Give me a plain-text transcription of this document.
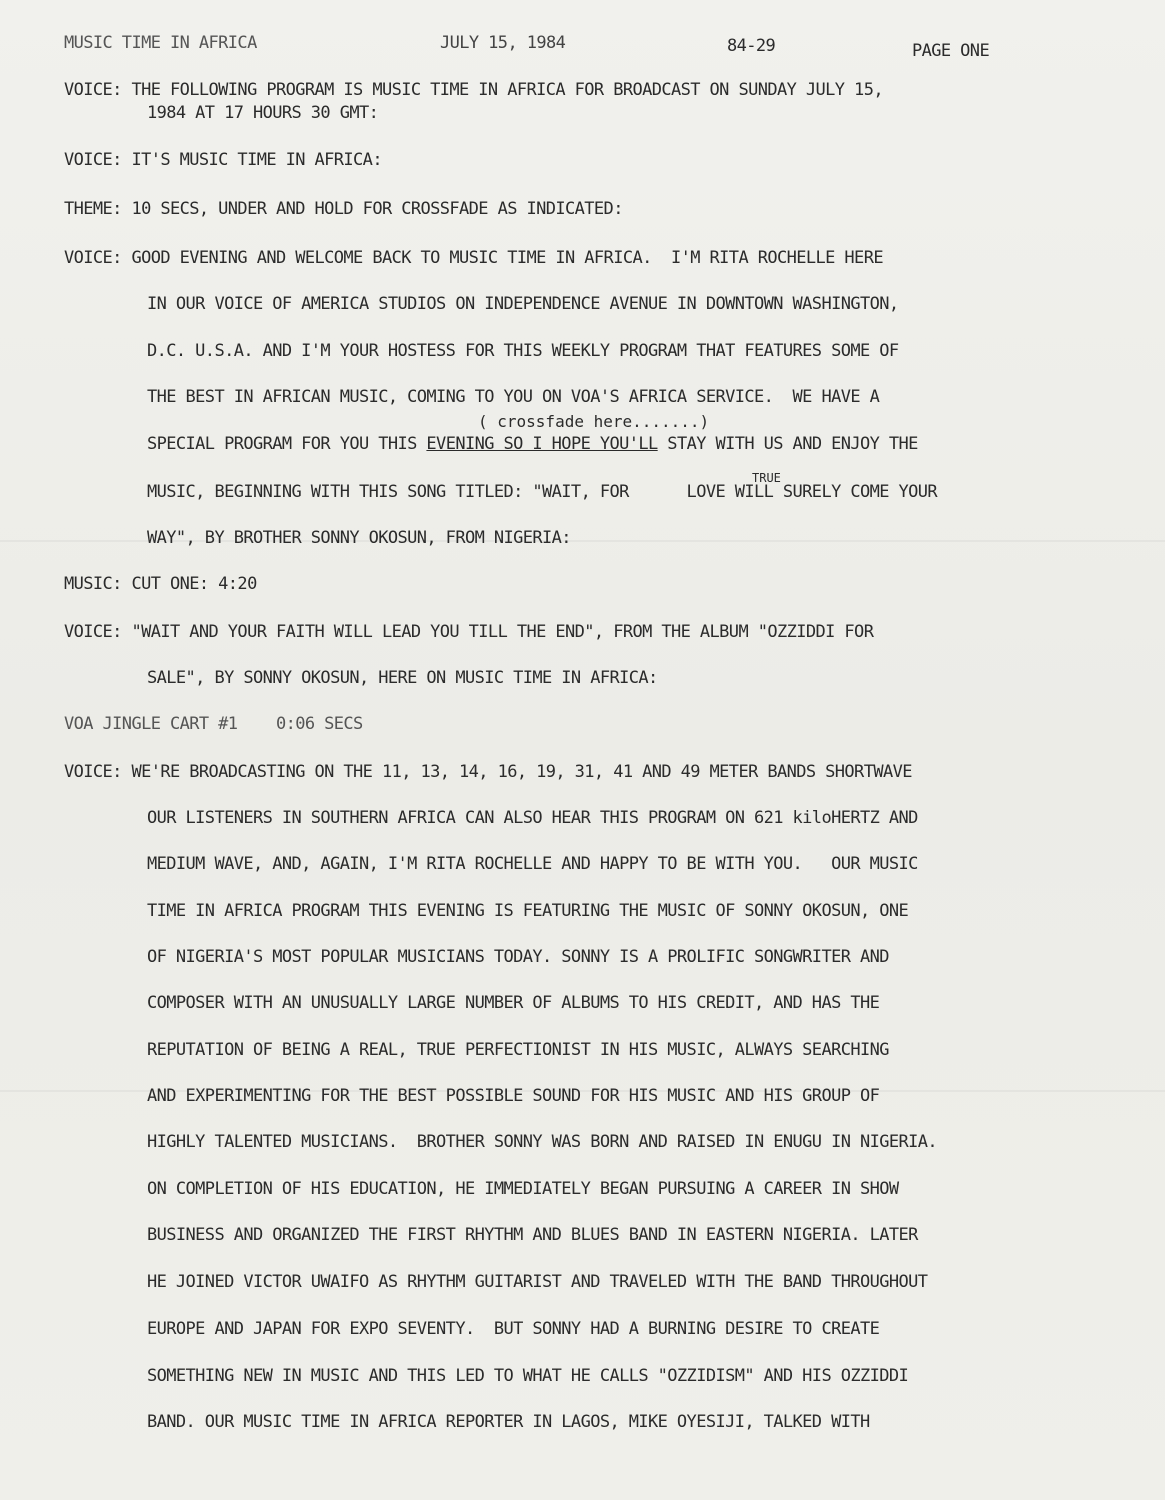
MUSIC TIME IN AFRICA	JULY 15, 1984	84-29	PAGE ONE
VOICE: THE FOLLOWING PROGRAM IS MUSIC TIME IN AFRICA FOR BROADCAST ON SUNDAY JULY 15,
1984 AT 17 HOURS 30 GMT:
VOICE: IT'S MUSIC TIME IN AFRICA:
THEME: 10 SECS, UNDER AND HOLD FOR CROSSFADE AS INDICATED:
VOICE: GOOD EVENING AND WELCOME BACK TO MUSIC TIME IN AFRICA.  I'M RITA ROCHELLE HERE
IN OUR VOICE OF AMERICA STUDIOS ON INDEPENDENCE AVENUE IN DOWNTOWN WASHINGTON,
D.C. U.S.A. AND I'M YOUR HOSTESS FOR THIS WEEKLY PROGRAM THAT FEATURES SOME OF
THE BEST IN AFRICAN MUSIC, COMING TO YOU ON VOA'S AFRICA SERVICE.  WE HAVE A
( crossfade here.......)
SPECIAL PROGRAM FOR YOU THIS EVENING SO I HOPE YOU'LL STAY WITH US AND ENJOY THE
TRUE
MUSIC, BEGINNING WITH THIS SONG TITLED: "WAIT, FOR      LOVE WILL SURELY COME YOUR
WAY", BY BROTHER SONNY OKOSUN, FROM NIGERIA:
MUSIC: CUT ONE: 4:20
VOICE: "WAIT AND YOUR FAITH WILL LEAD YOU TILL THE END", FROM THE ALBUM "OZZIDDI FOR
SALE", BY SONNY OKOSUN, HERE ON MUSIC TIME IN AFRICA:
VOA JINGLE CART #1    0:06 SECS
VOICE: WE'RE BROADCASTING ON THE 11, 13, 14, 16, 19, 31, 41 AND 49 METER BANDS SHORTWAVE
OUR LISTENERS IN SOUTHERN AFRICA CAN ALSO HEAR THIS PROGRAM ON 621 kiloHERTZ AND
MEDIUM WAVE, AND, AGAIN, I'M RITA ROCHELLE AND HAPPY TO BE WITH YOU.   OUR MUSIC
TIME IN AFRICA PROGRAM THIS EVENING IS FEATURING THE MUSIC OF SONNY OKOSUN, ONE
OF NIGERIA'S MOST POPULAR MUSICIANS TODAY. SONNY IS A PROLIFIC SONGWRITER AND
COMPOSER WITH AN UNUSUALLY LARGE NUMBER OF ALBUMS TO HIS CREDIT, AND HAS THE
REPUTATION OF BEING A REAL, TRUE PERFECTIONIST IN HIS MUSIC, ALWAYS SEARCHING
AND EXPERIMENTING FOR THE BEST POSSIBLE SOUND FOR HIS MUSIC AND HIS GROUP OF
HIGHLY TALENTED MUSICIANS.  BROTHER SONNY WAS BORN AND RAISED IN ENUGU IN NIGERIA.
ON COMPLETION OF HIS EDUCATION, HE IMMEDIATELY BEGAN PURSUING A CAREER IN SHOW
BUSINESS AND ORGANIZED THE FIRST RHYTHM AND BLUES BAND IN EASTERN NIGERIA. LATER
HE JOINED VICTOR UWAIFO AS RHYTHM GUITARIST AND TRAVELED WITH THE BAND THROUGHOUT
EUROPE AND JAPAN FOR EXPO SEVENTY.  BUT SONNY HAD A BURNING DESIRE TO CREATE
SOMETHING NEW IN MUSIC AND THIS LED TO WHAT HE CALLS "OZZIDISM" AND HIS OZZIDDI
BAND. OUR MUSIC TIME IN AFRICA REPORTER IN LAGOS, MIKE OYESIJI, TALKED WITH
